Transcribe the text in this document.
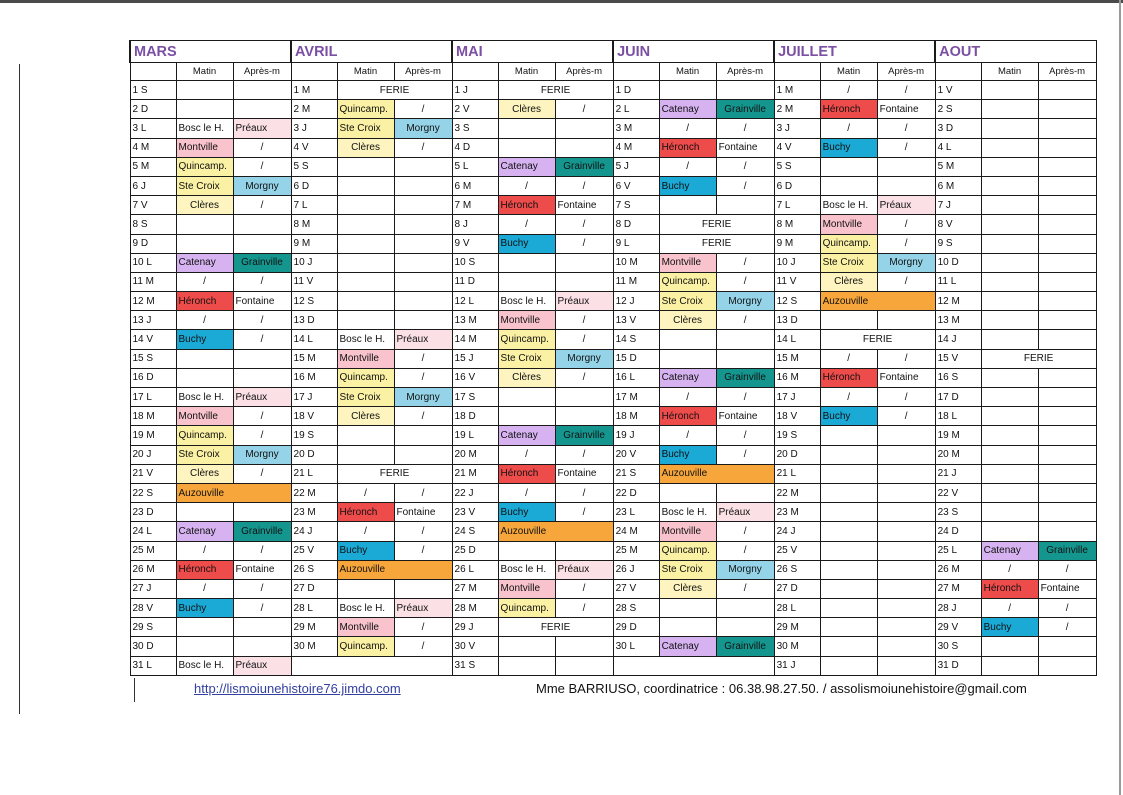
MARS			AVRIL			MAI			JUIN			JUILLET			AOUT		
	Matin	Après-m		Matin	Après-m		Matin	Après-m		Matin	Après-m		Matin	Après-m		Matin	Après-m
1 S			1 M	FERIE		1 J	FERIE		1 D			1 M	/	/	1 V		
2 D			2 M	Quincamp.	/	2 V	Clères	/	2 L	Catenay	Grainville	2 M	Héronch	Fontaine	2 S		
3 L	Bosc le H.	Préaux	3 J	Ste Croix	Morgny	3 S			3 M	/	/	3 J	/	/	3 D		
4 M	Montville	/	4 V	Clères	/	4 D			4 M	Héronch	Fontaine	4 V	Buchy	/	4 L		
5 M	Quincamp.	/	5 S			5 L	Catenay	Grainville	5 J	/	/	5 S			5 M		
6 J	Ste Croix	Morgny	6 D			6 M	/	/	6 V	Buchy	/	6 D			6 M		
7 V	Clères	/	7 L			7 M	Héronch	Fontaine	7 S			7 L	Bosc le H.	Préaux	7 J		
8 S			8 M			8 J	/	/	8 D	FERIE		8 M	Montville	/	8 V		
9 D			9 M			9 V	Buchy	/	9 L	FERIE		9 M	Quincamp.	/	9 S		
10 L	Catenay	Grainville	10 J			10 S			10 M	Montville	/	10 J	Ste Croix	Morgny	10 D		
11 M	/	/	11 V			11 D			11 M	Quincamp.	/	11 V	Clères	/	11 L		
12 M	Héronch	Fontaine	12 S			12 L	Bosc le H.	Préaux	12 J	Ste Croix	Morgny	12 S	Auzouville		12 M		
13 J	/	/	13 D			13 M	Montville	/	13 V	Clères	/	13 D			13 M		
14 V	Buchy	/	14 L	Bosc le H.	Préaux	14 M	Quincamp.	/	14 S			14 L	FERIE		14 J		
15 S			15 M	Montville	/	15 J	Ste Croix	Morgny	15 D			15 M	/	/	15 V	FERIE	
16 D			16 M	Quincamp.	/	16 V	Clères	/	16 L	Catenay	Grainville	16 M	Héronch	Fontaine	16 S		
17 L	Bosc le H.	Préaux	17 J	Ste Croix	Morgny	17 S			17 M	/	/	17 J	/	/	17 D		
18 M	Montville	/	18 V	Clères	/	18 D			18 M	Héronch	Fontaine	18 V	Buchy	/	18 L		
19 M	Quincamp.	/	19 S			19 L	Catenay	Grainville	19 J	/	/	19 S			19 M		
20 J	Ste Croix	Morgny	20 D			20 M	/	/	20 V	Buchy	/	20 D			20 M		
21 V	Clères	/	21 L	FERIE		21 M	Héronch	Fontaine	21 S	Auzouville		21 L			21 J		
22 S	Auzouville		22 M	/	/	22 J	/	/	22 D			22 M			22 V		
23 D			23 M	Héronch	Fontaine	23 V	Buchy	/	23 L	Bosc le H.	Préaux	23 M			23 S		
24 L	Catenay	Grainville	24 J	/	/	24 S	Auzouville		24 M	Montville	/	24 J			24 D		
25 M	/	/	25 V	Buchy	/	25 D			25 M	Quincamp.	/	25 V			25 L	Catenay	Grainville
26 M	Héronch	Fontaine	26 S	Auzouville		26 L	Bosc le H.	Préaux	26 J	Ste Croix	Morgny	26 S			26 M	/	/
27 J	/	/	27 D			27 M	Montville	/	27 V	Clères	/	27 D			27 M	Héronch	Fontaine
28 V	Buchy	/	28 L	Bosc le H.	Préaux	28 M	Quincamp.	/	28 S			28 L			28 J	/	/
29 S			29 M	Montville	/	29 J	FERIE		29 D			29 M			29 V	Buchy	/
30 D			30 M	Quincamp.	/	30 V			30 L	Catenay	Grainville	30 M			30 S		
31 L	Bosc le H.	Préaux				31 S						31 J			31 D		
http://lismoiunehistoire76.jimdo.com	Mme BARRIUSO, coordinatrice : 06.38.98.27.50. / assolismoiunehistoire@gmail.com
